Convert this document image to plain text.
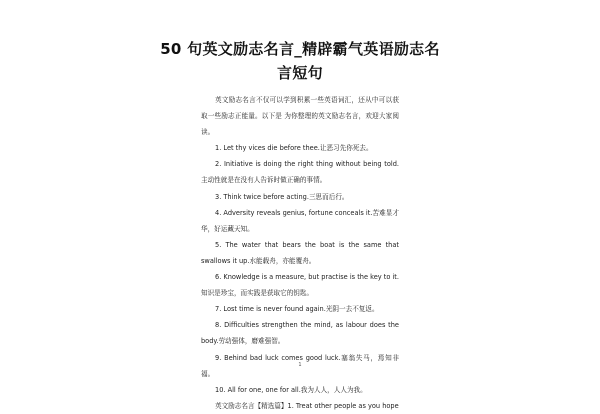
50 句英文励志名言_精辟霸气英语励志名
言短句

英文励志名言不仅可以学到积累一些英语词汇，还从中可以获取一些励志正能量。以下是 为你整理的英文励志名言，欢迎大家阅读。

1. Let thy vices die before thee.让恶习先你死去。

2. Initiative is doing the right thing without being told.主动性就是在没有人告诉时做正确的事情。

3. Think twice before acting.三思而后行。

4. Adversity reveals genius, fortune conceals it.苦难显才华，好运藏天知。

5. The water that bears the boat is the same that swallows it up.水能载舟，亦能覆舟。

6. Knowledge is a measure, but practise is the key to it.知识是珍宝，而实践是获取它的钥匙。

7. Lost time is never found again.光阴一去不复返。

8. Difficulties strengthen the mind, as labour does the body.劳动强体，磨难强智。

9. Behind bad luck comes good luck.塞翁失马，焉知非福。

10. All for one, one for all.我为人人，人人为我。

英文励志名言【精选篇】1. Treat other people as you hope

1
